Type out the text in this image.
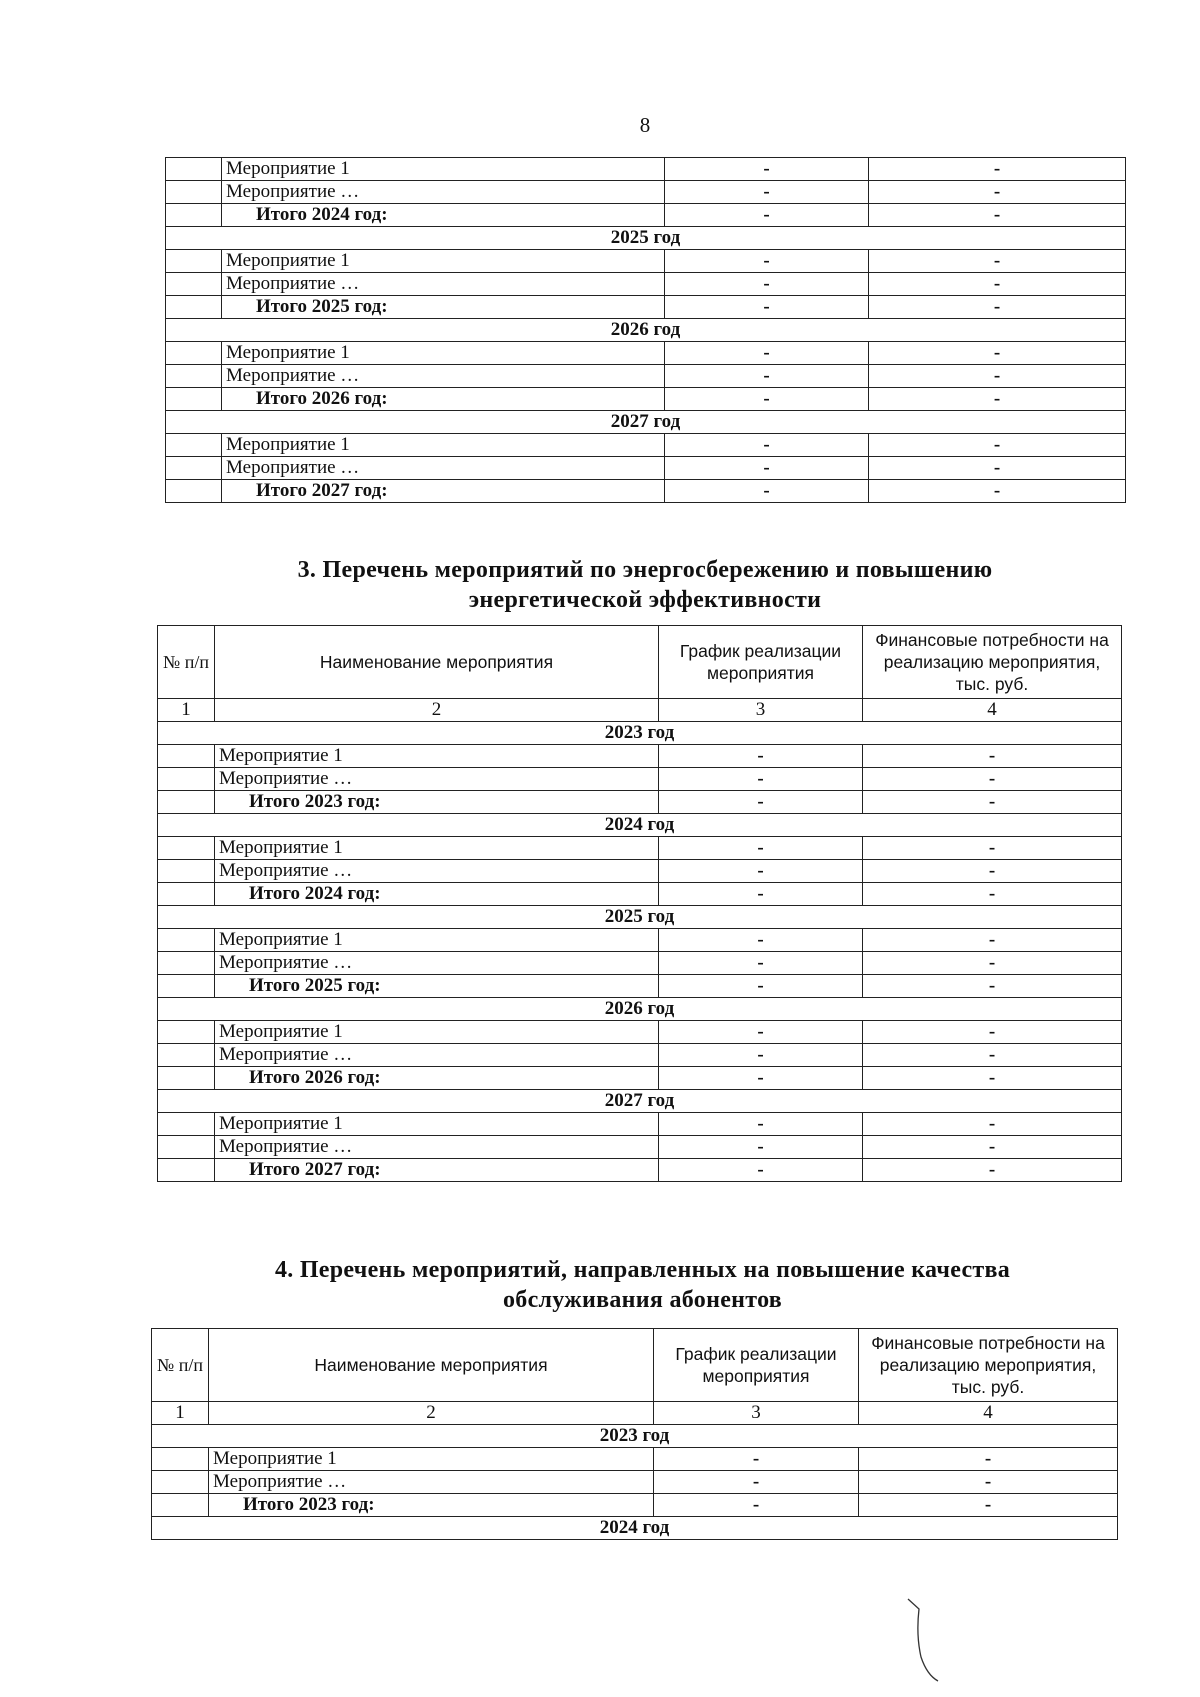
8
	Мероприятие 1	-	-
	Мероприятие …	-	-
	Итого 2024 год:	-	-
2025 год			
	Мероприятие 1	-	-
	Мероприятие …	-	-
	Итого 2025 год:	-	-
2026 год			
	Мероприятие 1	-	-
	Мероприятие …	-	-
	Итого 2026 год:	-	-
2027 год			
	Мероприятие 1	-	-
	Мероприятие …	-	-
	Итого 2027 год:	-	-
3. Перечень мероприятий по энергосбережению и повышению
энергетической эффективности
№ п/п	Наименование мероприятия	График реализации мероприятия	Финансовые потребности на реализацию мероприятия, тыс. руб.
1	2	3	4
2023 год			
	Мероприятие 1	-	-
	Мероприятие …	-	-
	Итого 2023 год:	-	-
2024 год			
	Мероприятие 1	-	-
	Мероприятие …	-	-
	Итого 2024 год:	-	-
2025 год			
	Мероприятие 1	-	-
	Мероприятие …	-	-
	Итого 2025 год:	-	-
2026 год			
	Мероприятие 1	-	-
	Мероприятие …	-	-
	Итого 2026 год:	-	-
2027 год			
	Мероприятие 1	-	-
	Мероприятие …	-	-
	Итого 2027 год:	-	-
4. Перечень мероприятий, направленных на повышение качества
обслуживания абонентов
№ п/п	Наименование мероприятия	График реализации мероприятия	Финансовые потребности на реализацию мероприятия, тыс. руб.
1	2	3	4
2023 год			
	Мероприятие 1	-	-
	Мероприятие …	-	-
	Итого 2023 год:	-	-
2024 год			
